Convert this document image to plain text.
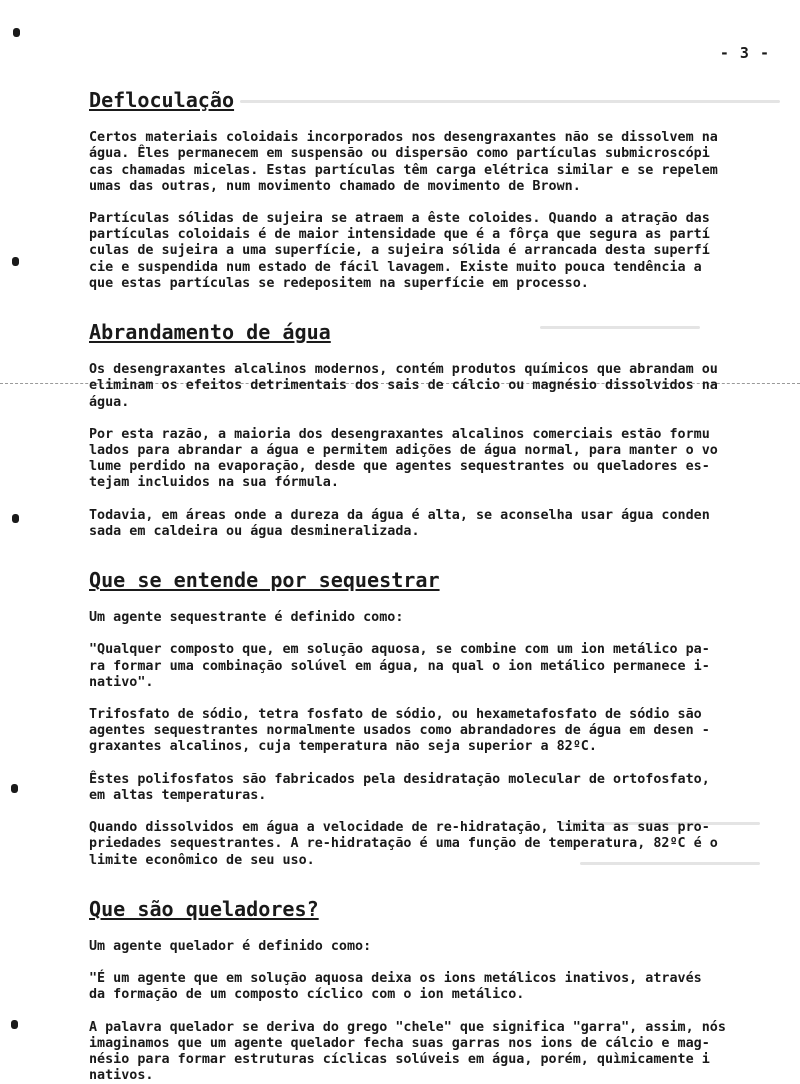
- 3 -
Defloculação

Certos materiais coloidais incorporados nos desengraxantes não se dissolvem na
água. Êles permanecem em suspensão ou dispersão como partículas submicroscópi
cas chamadas micelas. Estas partículas têm carga elétrica similar e se repelem
umas das outras, num movimento chamado de movimento de Brown.

Partículas sólidas de sujeira se atraem a êste coloides. Quando a atração das
partículas coloidais é de maior intensidade que é a fôrça que segura as partí
culas de sujeira a uma superfície, a sujeira sólida é arrancada desta superfí
cie e suspendida num estado de fácil lavagem. Existe muito pouca tendência a
que estas partículas se redepositem na superfície em processo.

Abrandamento de água

Os desengraxantes alcalinos modernos, contém produtos químicos que abrandam ou
eliminam os efeitos detrimentais dos sais de cálcio ou magnésio dissolvidos na
água.

Por esta razão, a maioria dos desengraxantes alcalinos comerciais estão formu
lados para abrandar a água e permitem adições de água normal, para manter o vo
lume perdido na evaporação, desde que agentes sequestrantes ou queladores es-
tejam incluidos na sua fórmula.

Todavia, em áreas onde a dureza da água é alta, se aconselha usar água conden
sada em caldeira ou água desmineralizada.

Que se entende por sequestrar

Um agente sequestrante é definido como:

"Qualquer composto que, em solução aquosa, se combine com um ion metálico pa-
ra formar uma combinação solúvel em água, na qual o ion metálico permanece i-
nativo".

Trifosfato de sódio, tetra fosfato de sódio, ou hexametafosfato de sódio são
agentes sequestrantes normalmente usados como abrandadores de água em desen -
graxantes alcalinos, cuja temperatura não seja superior a 82ºC.

Êstes polifosfatos são fabricados pela desidratação molecular de ortofosfato,
em altas temperaturas.

Quando dissolvidos em água a velocidade de re-hidratação, limita as suas pro-
priedades sequestrantes. A re-hidratação é uma função de temperatura, 82ºC é o
limite econômico de seu uso.

Que são queladores?

Um agente quelador é definido como:

"É um agente que em solução aquosa deixa os ions metálicos inativos, através
da formação de um composto cíclico com o ion metálico.

A palavra quelador se deriva do grego "chele" que significa "garra", assim, nós
imaginamos que um agente quelador fecha suas garras nos ions de cálcio e mag-
nésio para formar estruturas cíclicas solúveis em água, porém, quìmicamente i
nativos.
